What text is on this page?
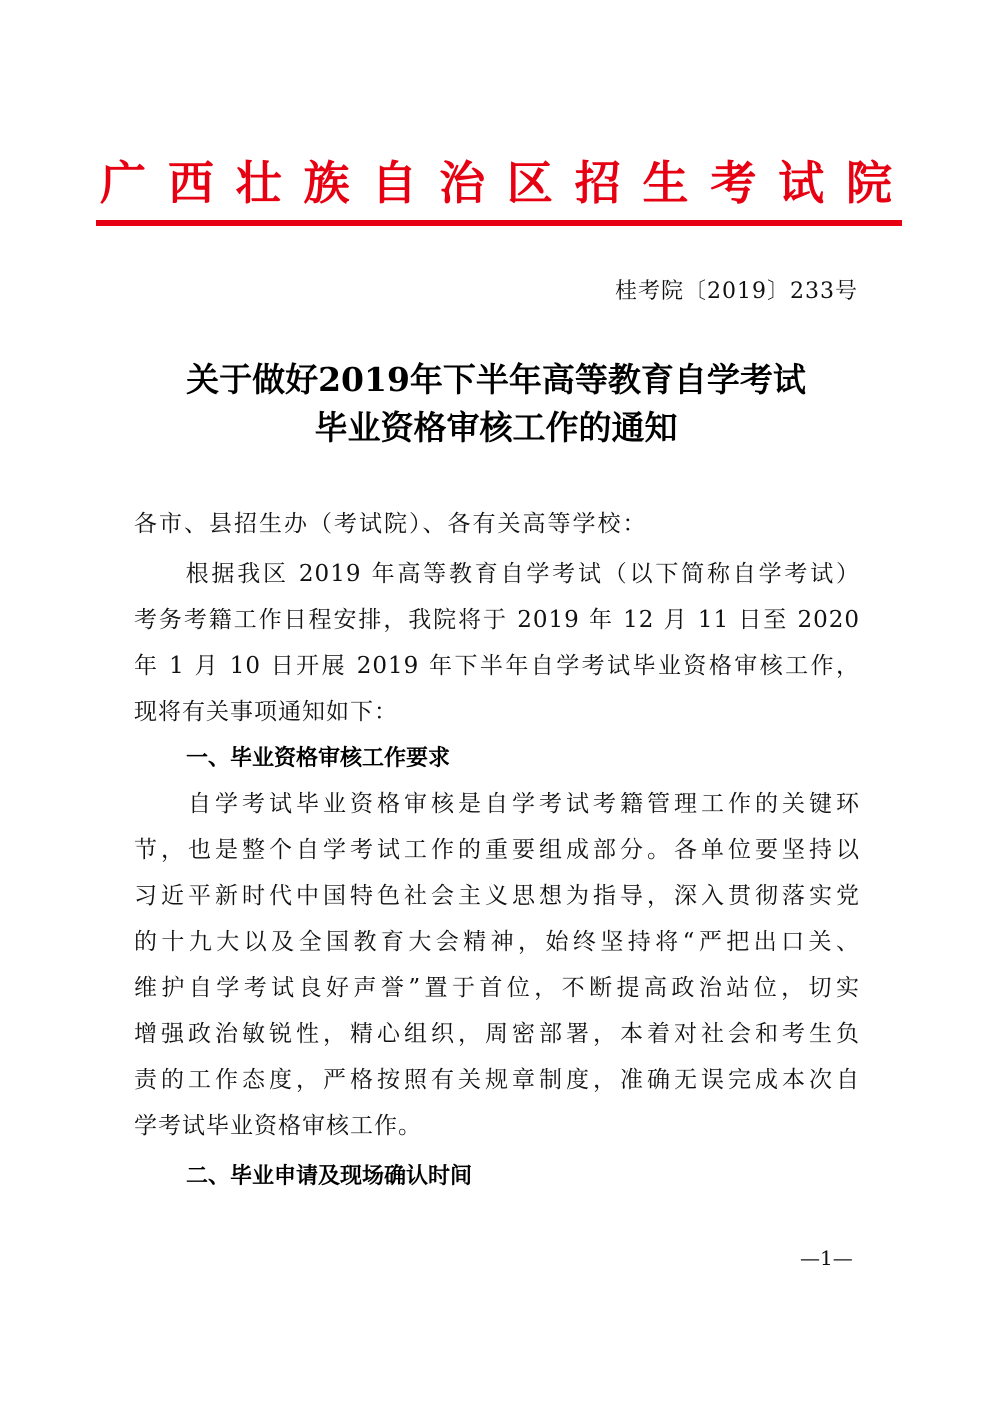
广 西 壮 族 自 治 区 招 生 考 试 院
桂考院〔2019〕233号
关于做好2019年下半年高等教育自学考试
毕业资格审核工作的通知
各市、县招生办（考试院）、各有关高等学校：
　　根据我区 2019 年高等教育自学考试（以下简称自学考试）
考务考籍工作日程安排，我院将于 2019 年 12 月 11 日至 2020
年 1 月 10 日开展 2019 年下半年自学考试毕业资格审核工作，
现将有关事项通知如下：
一、毕业资格审核工作要求
　　自学考试毕业资格审核是自学考试考籍管理工作的关键环
节，也是整个自学考试工作的重要组成部分。各单位要坚持以
习近平新时代中国特色社会主义思想为指导，深入贯彻落实党
的十九大以及全国教育大会精神，始终坚持将“严把出口关、
维护自学考试良好声誉”置于首位，不断提高政治站位，切实
增强政治敏锐性，精心组织，周密部署，本着对社会和考生负
责的工作态度，严格按照有关规章制度，准确无误完成本次自
学考试毕业资格审核工作。
二、毕业申请及现场确认时间
—1—
